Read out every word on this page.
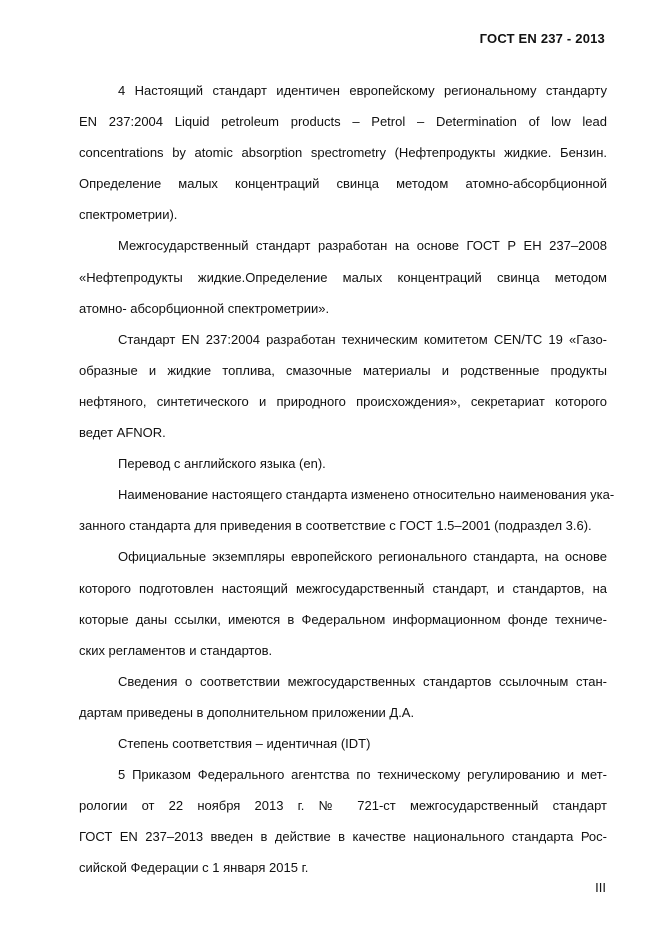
ГОСТ EN 237 - 2013
4 Настоящий стандарт идентичен европейскому региональному стандарту
EN 237:2004 Liquid petroleum products – Petrol – Determination of low lead
concentrations by atomic absorption spectrometry (Нефтепродукты жидкие. Бензин.
Определение малых концентраций свинца методом атомно-абсорбционной
спектрометрии).
Межгосударственный стандарт разработан на основе ГОСТ Р ЕН 237–2008
«Нефтепродукты жидкие.Определение малых концентраций свинца методом
атомно- абсорбционной спектрометрии».
Стандарт EN 237:2004 разработан техническим комитетом CEN/TC 19 «Газо-
образные и жидкие топлива, смазочные материалы и родственные продукты
нефтяного, синтетического и природного происхождения», секретариат которого
ведет AFNOR.
Перевод с английского языка (en).
Наименование настоящего стандарта изменено относительно наименования ука-
занного стандарта для приведения в соответствие с ГОСТ 1.5–2001 (подраздел 3.6).
Официальные экземпляры европейского регионального стандарта, на основе
которого подготовлен настоящий межгосударственный стандарт, и стандартов, на
которые даны ссылки, имеются в Федеральном информационном фонде техниче-
ских регламентов и стандартов.
Сведения о соответствии межгосударственных стандартов ссылочным стан-
дартам приведены в дополнительном приложении Д.А.
Степень соответствия – идентичная (IDT)
5 Приказом Федерального агентства по техническому регулированию и мет-
рологии от 22 ноября 2013 г. № 721-ст межгосударственный стандарт
ГОСТ EN 237–2013 введен в действие в качестве национального стандарта Рос-
сийской Федерации с 1 января 2015 г.
III
